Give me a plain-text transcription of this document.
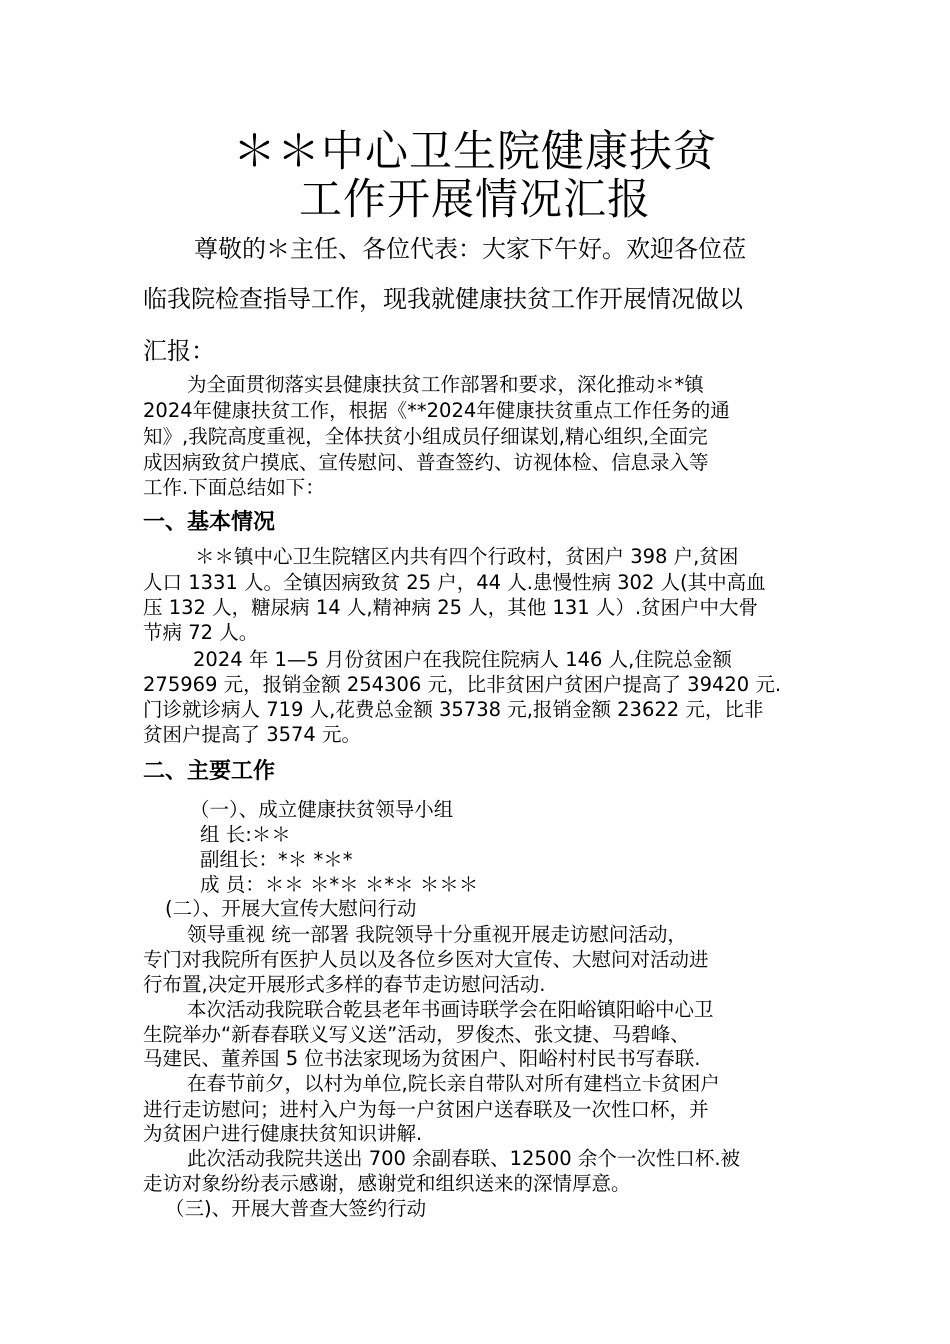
＊＊中心卫生院健康扶贫
工作开展情况汇报
尊敬的＊主任、各位代表：大家下午好。欢迎各位莅
临我院检查指导工作，现我就健康扶贫工作开展情况做以
汇报：
为全面贯彻落实县健康扶贫工作部署和要求，深化推动＊*镇
2024年健康扶贫工作，根据《**2024年健康扶贫重点工作任务的通
知》,我院高度重视，全体扶贫小组成员仔细谋划,精心组织,全面完
成因病致贫户摸底、宣传慰问、普查签约、访视体检、信息录入等
工作.下面总结如下：
一、基本情况
＊＊镇中心卫生院辖区内共有四个行政村，贫困户 398 户,贫困
人口 1331 人。全镇因病致贫 25 户，44 人.患慢性病 302 人(其中高血
压 132 人，糖尿病 14 人,精神病 25 人，其他 131 人）.贫困户中大骨
节病 72 人。
2024 年 1—5 月份贫困户在我院住院病人 146 人,住院总金额
275969 元，报销金额 254306 元，比非贫困户贫困户提高了 39420 元.
门诊就诊病人 719 人,花费总金额 35738 元,报销金额 23622 元，比非
贫困户提高了 3574 元。
二、主要工作
（一）、成立健康扶贫领导小组
组 长:＊＊
副组长：*＊ *＊*
成 员：＊＊ ＊*＊ ＊*＊ ＊＊＊
(二）、开展大宣传大慰问行动
领导重视 统一部署 我院领导十分重视开展走访慰问活动，
专门对我院所有医护人员以及各位乡医对大宣传、大慰问对活动进
行布置,决定开展形式多样的春节走访慰问活动.
本次活动我院联合乾县老年书画诗联学会在阳峪镇阳峪中心卫
生院举办“新春春联义写义送”活动，罗俊杰、张文捷、马碧峰、
马建民、董养国 5 位书法家现场为贫困户、阳峪村村民书写春联.
在春节前夕，以村为单位,院长亲自带队对所有建档立卡贫困户
进行走访慰问；进村入户为每一户贫困户送春联及一次性口杯，并
为贫困户进行健康扶贫知识讲解.
此次活动我院共送出 700 余副春联、12500 余个一次性口杯.被
走访对象纷纷表示感谢，感谢党和组织送来的深情厚意。
（三)、开展大普查大签约行动
